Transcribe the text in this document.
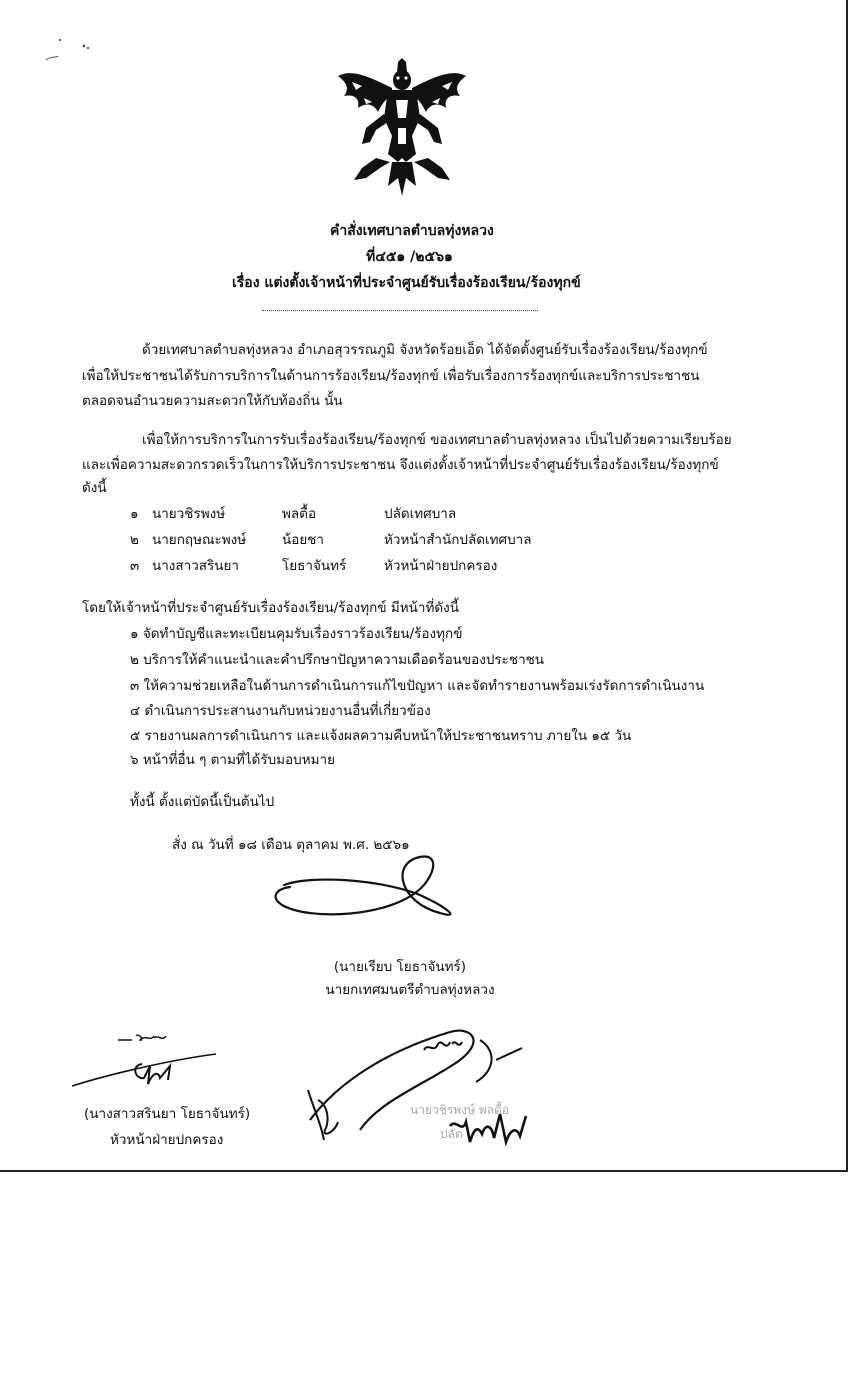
คำสั่งเทศบาลตำบลทุ่งหลวง
ที่๔๕๑ /๒๕๖๑
เรื่อง แต่งตั้งเจ้าหน้าที่ประจำศูนย์รับเรื่องร้องเรียน/ร้องทุกข์
ด้วยเทศบาลตำบลทุ่งหลวง อำเภอสุวรรณภูมิ จังหวัดร้อยเอ็ด ได้จัดตั้งศูนย์รับเรื่องร้องเรียน/ร้องทุกข์
เพื่อให้ประชาชนได้รับการบริการในด้านการร้องเรียน/ร้องทุกข์ เพื่อรับเรื่องการร้องทุกข์และบริการประชาชน
ตลอดจนอำนวยความสะดวกให้กับท้องถิ่น นั้น
เพื่อให้การบริการในการรับเรื่องร้องเรียน/ร้องทุกข์ ของเทศบาลตำบลทุ่งหลวง เป็นไปด้วยความเรียบร้อย
และเพื่อความสะดวกรวดเร็วในการให้บริการประชาชน จึงแต่งตั้งเจ้าหน้าที่ประจำศูนย์รับเรื่องร้องเรียน/ร้องทุกข์
ดังนี้
๑ นายวชิรพงษ์	พลตื้อ	ปลัดเทศบาล
๒ นายกฤษณะพงษ์	น้อยชา	หัวหน้าสำนักปลัดเทศบาล
๓ นางสาวสรินยา	โยธาจันทร์	หัวหน้าฝ่ายปกครอง
โดยให้เจ้าหน้าที่ประจำศูนย์รับเรื่องร้องเรียน/ร้องทุกข์ มีหน้าที่ดังนี้
๑ จัดทำบัญชีและทะเบียนคุมรับเรื่องราวร้องเรียน/ร้องทุกข์
๒ บริการให้คำแนะนำและคำปรึกษาปัญหาความเดือดร้อนของประชาชน
๓ ให้ความช่วยเหลือในด้านการดำเนินการแก้ไขปัญหา และจัดทำรายงานพร้อมเร่งรัดการดำเนินงาน
๔ ดำเนินการประสานงานกับหน่วยงานอื่นที่เกี่ยวข้อง
๕ รายงานผลการดำเนินการ และแจ้งผลความคืบหน้าให้ประชาชนทราบ ภายใน ๑๕ วัน
๖ หน้าที่อื่น ๆ ตามที่ได้รับมอบหมาย
ทั้งนี้ ตั้งแต่บัดนี้เป็นต้นไป
สั่ง ณ วันที่ ๑๘ เดือน ตุลาคม พ.ศ. ๒๕๖๑
(นายเรียบ โยธาจันทร์)
นายกเทศมนตรีตำบลทุ่งหลวง
(นางสาวสรินยา โยธาจันทร์)
หัวหน้าฝ่ายปกครอง
นายวชิรพงษ์ พลตื้อ
ปลัด
